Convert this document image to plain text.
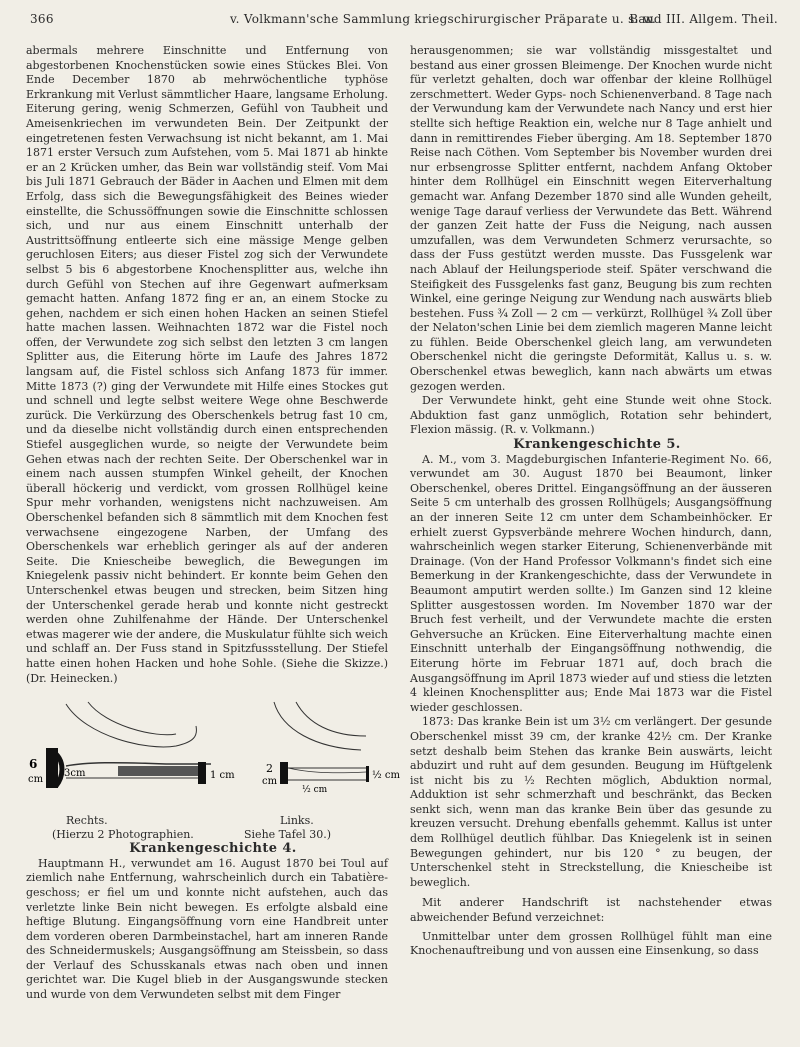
366	v. Volkmann'sche Sammlung kriegschirurgischer Präparate u. s. w.
Band III. Allgem. Theil.

abermals mehrere Einschnitte und Entfernung von abgestorbenen Knochenstücken sowie eines Stückes Blei. Von Ende December 1870 ab mehrwöchentliche typhöse Erkrankung mit Verlust sämmtlicher Haare, langsame Erholung. Eiterung gering, wenig Schmerzen, Gefühl von Taubheit und Ameisenkriechen im verwundeten Bein. Der Zeitpunkt der eingetretenen festen Verwachsung ist nicht bekannt, am 1. Mai 1871 erster Versuch zum Aufstehen, vom 5. Mai 1871 ab hinkte er an 2 Krücken umher, das Bein war vollständig steif. Vom Mai bis Juli 1871 Gebrauch der Bäder in Aachen und Elmen mit dem Erfolg, dass sich die Bewegungsfähigkeit des Beines wieder einstellte, die Schussöffnungen sowie die Einschnitte schlossen sich, und nur aus einem Einschnitt unterhalb der Austrittsöffnung entleerte sich eine mässige Menge gelben geruchlosen Eiters; aus dieser Fistel zog sich der Verwundete selbst 5 bis 6 abgestorbene Knochensplitter aus, welche ihn durch Gefühl von Stechen auf ihre Gegenwart aufmerksam gemacht hatten. Anfang 1872 fing er an, an einem Stocke zu gehen, nachdem er sich einen hohen Hacken an seinen Stiefel hatte machen lassen. Weihnachten 1872 war die Fistel noch offen, der Verwundete zog sich selbst den letzten 3 cm langen Splitter aus, die Eiterung hörte im Laufe des Jahres 1872 langsam auf, die Fistel schloss sich Anfang 1873 für immer. Mitte 1873 (?) ging der Verwundete mit Hilfe eines Stockes gut und schnell und legte selbst weitere Wege ohne Beschwerde zurück. Die Verkürzung des Oberschenkels betrug fast 10 cm, und da dieselbe nicht vollständig durch einen entsprechenden Stiefel ausgeglichen wurde, so neigte der Verwundete beim Gehen etwas nach der rechten Seite. Der Oberschenkel war in einem nach aussen stumpfen Winkel geheilt, der Knochen überall höckerig und verdickt, vom grossen Rollhügel keine Spur mehr vorhanden, wenigstens nicht nachzuweisen. Am Oberschenkel befanden sich 8 sämmtlich mit dem Knochen fest verwachsene eingezogene Narben, der Umfang des Oberschenkels war erheblich geringer als auf der anderen Seite. Die Kniescheibe beweglich, die Bewegungen im Kniegelenk passiv nicht behindert. Er konnte beim Gehen den Unterschenkel etwas beugen und strecken, beim Sitzen hing der Unterschenkel gerade herab und konnte nicht gestreckt werden ohne Zuhilfenahme der Hände. Der Unterschenkel etwas magerer wie der andere, die Muskulatur fühlte sich weich und schlaff an. Der Fuss stand in Spitzfussstellung. Der Stiefel hatte einen hohen Hacken und hohe Sohle. (Siehe die Skizze.) (Dr. Heinecken.)

6
cm
3cm	1 cm
2
cm
½ cm
½ cm
Rechts.	Links.
(Hierzu 2 Photographien.	Siehe Tafel 30.)

Krankengeschichte 4.

Hauptmann H., verwundet am 16. August 1870 bei Toul auf ziemlich nahe Entfernung, wahrscheinlich durch ein Tabatière-geschoss; er fiel um und konnte nicht aufstehen, auch das verletzte linke Bein nicht bewegen. Es erfolgte alsbald eine heftige Blutung. Eingangsöffnung vorn eine Handbreit unter dem vorderen oberen Darmbeinstachel, hart am inneren Rande des Schneidermuskels; Ausgangsöffnung am Steissbein, so dass der Verlauf des Schusskanals etwas nach oben und innen gerichtet war. Die Kugel blieb in der Ausgangswunde stecken und wurde von dem Verwundeten selbst mit dem Finger

herausgenommen; sie war vollständig missgestaltet und bestand aus einer grossen Bleimenge. Der Knochen wurde nicht für verletzt gehalten, doch war offenbar der kleine Rollhügel zerschmettert. Weder Gyps- noch Schienenverband. 8 Tage nach der Verwundung kam der Verwundete nach Nancy und erst hier stellte sich heftige Reaktion ein, welche nur 8 Tage anhielt und dann in remittirendes Fieber überging. Am 18. September 1870 Reise nach Cöthen. Vom September bis November wurden drei nur erbsengrosse Splitter entfernt, nachdem Anfang Oktober hinter dem Rollhügel ein Einschnitt wegen Eiterverhaltung gemacht war. Anfang Dezember 1870 sind alle Wunden geheilt, wenige Tage darauf verliess der Verwundete das Bett. Während der ganzen Zeit hatte der Fuss die Neigung, nach aussen umzufallen, was dem Verwundeten Schmerz verursachte, so dass der Fuss gestützt werden musste. Das Fussgelenk war nach Ablauf der Heilungsperiode steif. Später verschwand die Steifigkeit des Fussgelenks fast ganz, Beugung bis zum rechten Winkel, eine geringe Neigung zur Wendung nach auswärts blieb bestehen. Fuss ¾ Zoll — 2 cm — verkürzt, Rollhügel ¾ Zoll über der Nelaton'schen Linie bei dem ziemlich mageren Manne leicht zu fühlen. Beide Oberschenkel gleich lang, am verwundeten Oberschenkel nicht die geringste Deformität, Kallus u. s. w. Oberschenkel etwas beweglich, kann nach abwärts um etwas gezogen werden.

Der Verwundete hinkt, geht eine Stunde weit ohne Stock. Abduktion fast ganz unmöglich, Rotation sehr behindert, Flexion mässig. (R. v. Volkmann.)

Krankengeschichte 5.

A. M., vom 3. Magdeburgischen Infanterie-Regiment No. 66, verwundet am 30. August 1870 bei Beaumont, linker Oberschenkel, oberes Drittel. Eingangsöffnung an der äusseren Seite 5 cm unterhalb des grossen Rollhügels; Ausgangsöffnung an der inneren Seite 12 cm unter dem Schambeinhöcker. Er erhielt zuerst Gypsverbände mehrere Wochen hindurch, dann, wahrscheinlich wegen starker Eiterung, Schienenverbände mit Drainage. (Von der Hand Professor Volkmann's findet sich eine Bemerkung in der Krankengeschichte, dass der Verwundete in Beaumont amputirt werden sollte.) Im Ganzen sind 12 kleine Splitter ausgestossen worden. Im November 1870 war der Bruch fest verheilt, und der Verwundete machte die ersten Gehversuche an Krücken. Eine Eiterverhaltung machte einen Einschnitt unterhalb der Eingangsöffnung nothwendig, die Eiterung hörte im Februar 1871 auf, doch brach die Ausgangsöffnung im April 1873 wieder auf und stiess die letzten 4 kleinen Knochensplitter aus; Ende Mai 1873 war die Fistel wieder geschlossen.

1873: Das kranke Bein ist um 3½ cm verlängert. Der gesunde Oberschenkel misst 39 cm, der kranke 42½ cm. Der Kranke setzt deshalb beim Stehen das kranke Bein auswärts, leicht abduzirt und ruht auf dem gesunden. Beugung im Hüftgelenk ist nicht bis zu ½ Rechten möglich, Abduktion normal, Adduktion ist sehr schmerzhaft und beschränkt, das Becken senkt sich, wenn man das kranke Bein über das gesunde zu kreuzen versucht. Drehung ebenfalls gehemmt. Kallus ist unter dem Rollhügel deutlich fühlbar. Das Kniegelenk ist in seinen Bewegungen gehindert, nur bis 120 ° zu beugen, der Unterschenkel steht in Streckstellung, die Kniescheibe ist beweglich.

Mit anderer Handschrift ist nachstehender etwas abweichender Befund verzeichnet:

Unmittelbar unter dem grossen Rollhügel fühlt man eine Knochenauftreibung und von aussen eine Einsenkung, so dass
